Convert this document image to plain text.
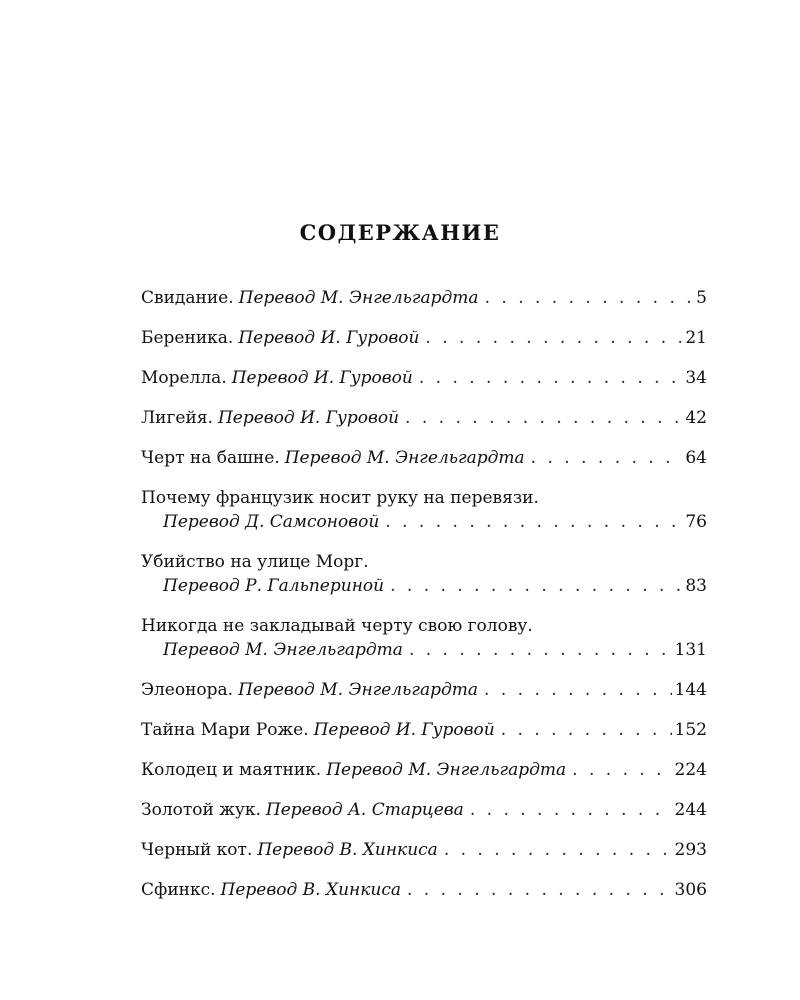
СОДЕРЖАНИЕ
Свидание. Перевод М. Энгельгардта . . .	5
Береника. Перевод И. Гуровой . . .	21
Морелла. Перевод И. Гуровой . . .	34
Лигейя. Перевод И. Гуровой . . .	42
Черт на башне. Перевод М. Энгельгардта . . .	64
Почему французик носит руку на перевязи.
Перевод Д. Самсоновой . . .	76
Убийство на улице Морг.
Перевод Р. Гальпериной . . .	83
Никогда не закладывай черту свою голову.
Перевод М. Энгельгардта . . .	131
Элеонора. Перевод М. Энгельгардта . . .	144
Тайна Мари Роже. Перевод И. Гуровой . . .	152
Колодец и маятник. Перевод М. Энгельгардта . . .	224
Золотой жук. Перевод А. Старцева . . .	244
Черный кот. Перевод В. Хинкиса . . .	293
Сфинкс. Перевод В. Хинкиса . . .	306
